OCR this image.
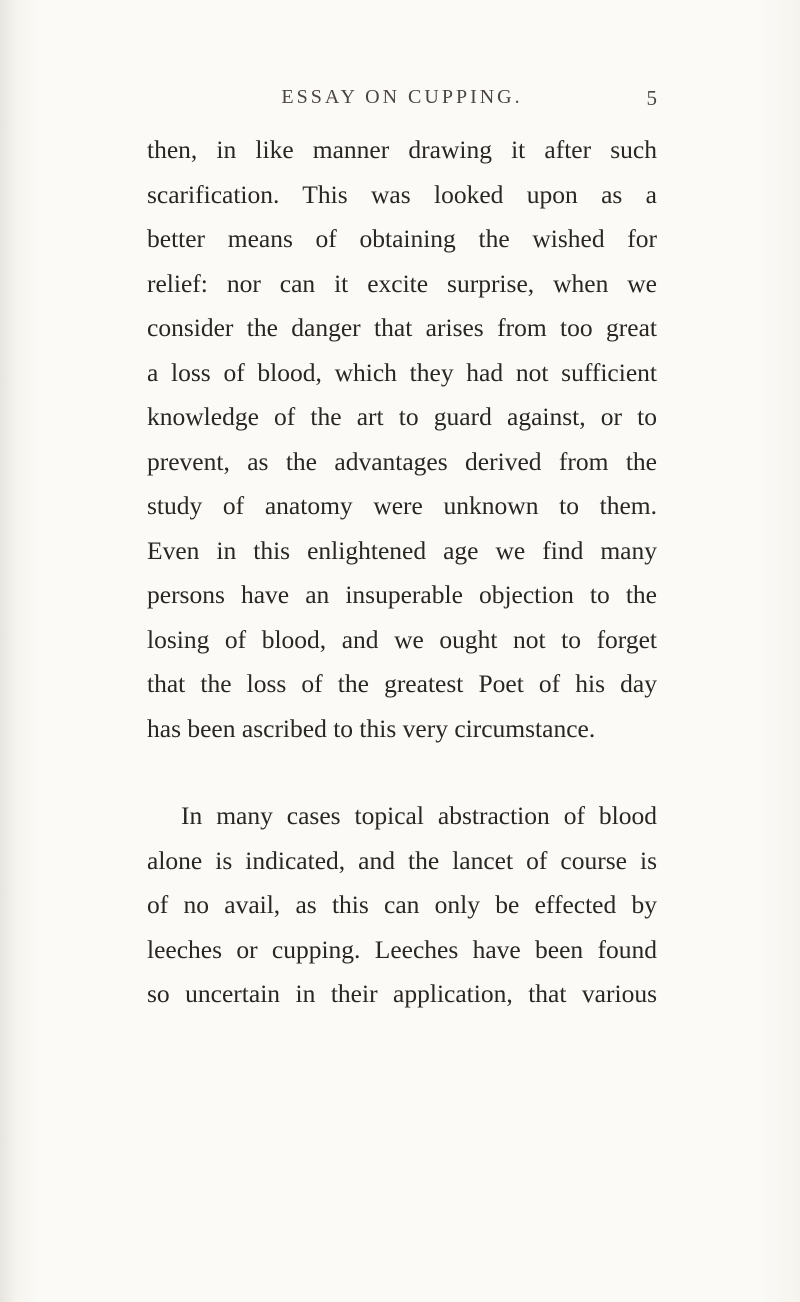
ESSAY ON CUPPING.	5
then, in like manner drawing it after such
scarification. This was looked upon as a
better means of obtaining the wished for
relief: nor can it excite surprise, when we
consider the danger that arises from too great
a loss of blood, which they had not sufficient
knowledge of the art to guard against, or to
prevent, as the advantages derived from the
study of anatomy were unknown to them.
Even in this enlightened age we find many
persons have an insuperable objection to the
losing of blood, and we ought not to forget
that the loss of the greatest Poet of his day
has been ascribed to this very circumstance.
In many cases topical abstraction of blood
alone is indicated, and the lancet of course is
of no avail, as this can only be effected by
leeches or cupping. Leeches have been found
so uncertain in their application, that various
